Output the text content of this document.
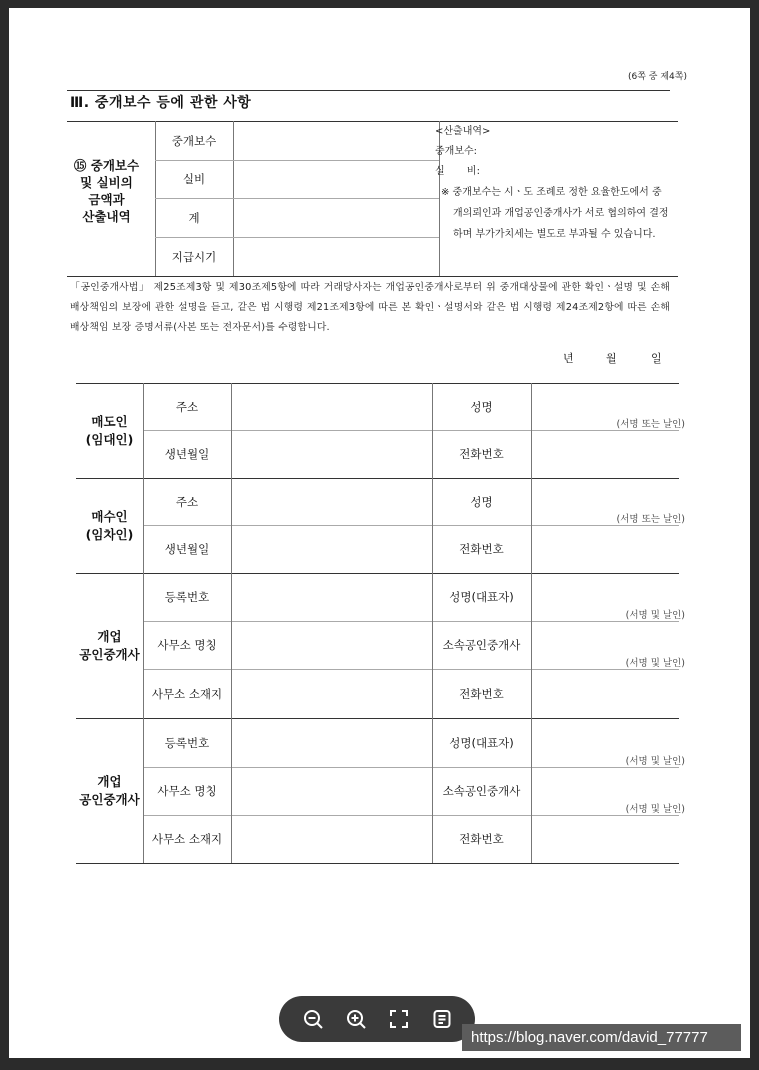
(6쪽 중 제4쪽)
Ⅲ. 중개보수 등에 관한 사항
⑮ 중개보수
및 실비의
금액과
산출내역
중개보수
실비
계
지급시기
<산출내역>
중개보수:
실       비:
※ 중개보수는 시ㆍ도 조례로 정한 요율한도에서 중개의뢰인과 개업공인중개사가 서로 협의하여 결정하며 부가가치세는 별도로 부과될 수 있습니다.
「공인중개사법」 제25조제3항 및 제30조제5항에 따라 거래당사자는 개업공인중개사로부터 위 중개대상물에 관한 확인ㆍ설명 및 손해배상책임의 보장에 관한 설명을 듣고, 같은 법 시행령 제21조제3항에 따른 본 확인ㆍ설명서와 같은 법 시행령 제24조제2항에 따른 손해배상책임 보장 증명서류(사본 또는 전자문서)를 수령합니다.
년	월	일
매도인
(임대인)
주소
생년월일
성명
전화번호
(서명 또는 날인)
매수인
(임차인)
주소
생년월일
성명
전화번호
(서명 또는 날인)
개업
공인중개사
등록번호
사무소 명칭
사무소 소재지
성명(대표자)
소속공인중개사
전화번호
(서명 및 날인)
(서명 및 날인)
개업
공인중개사
등록번호
사무소 명칭
사무소 소재지
성명(대표자)
소속공인중개사
전화번호
(서명 및 날인)
(서명 및 날인)
https://blog.naver.com/david_77777
